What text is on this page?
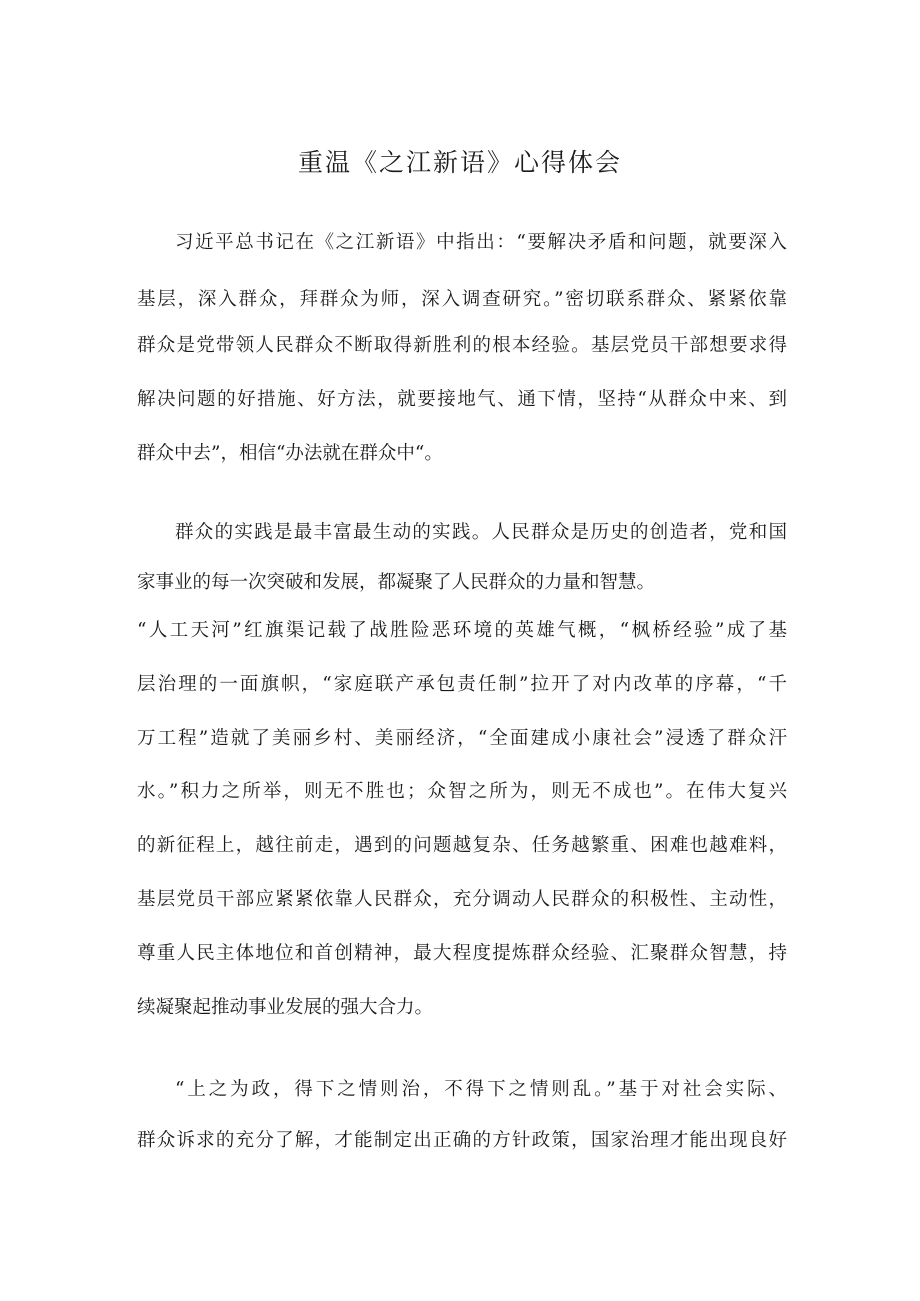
重温《之江新语》心得体会

习近平总书记在《之江新语》中指出：“要解决矛盾和问题，就要深入

基层，深入群众，拜群众为师，深入调查研究。”密切联系群众、紧紧依靠

群众是党带领人民群众不断取得新胜利的根本经验。基层党员干部想要求得

解决问题的好措施、好方法，就要接地气、通下情，坚持“从群众中来、到

群众中去”，相信“办法就在群众中“。

群众的实践是最丰富最生动的实践。人民群众是历史的创造者，党和国

家事业的每一次突破和发展，都凝聚了人民群众的力量和智慧。

“人工天河”红旗渠记载了战胜险恶环境的英雄气概，“枫桥经验”成了基

层治理的一面旗帜，“家庭联产承包责任制”拉开了对内改革的序幕，“千

万工程”造就了美丽乡村、美丽经济，“全面建成小康社会”浸透了群众汗

水。”积力之所举，则无不胜也；众智之所为，则无不成也”。在伟大复兴

的新征程上，越往前走，遇到的问题越复杂、任务越繁重、困难也越难料，

基层党员干部应紧紧依靠人民群众，充分调动人民群众的积极性、主动性，

尊重人民主体地位和首创精神，最大程度提炼群众经验、汇聚群众智慧，持

续凝聚起推动事业发展的强大合力。

“上之为政，得下之情则治，不得下之情则乱。”基于对社会实际、

群众诉求的充分了解，才能制定出正确的方针政策，国家治理才能出现良好
